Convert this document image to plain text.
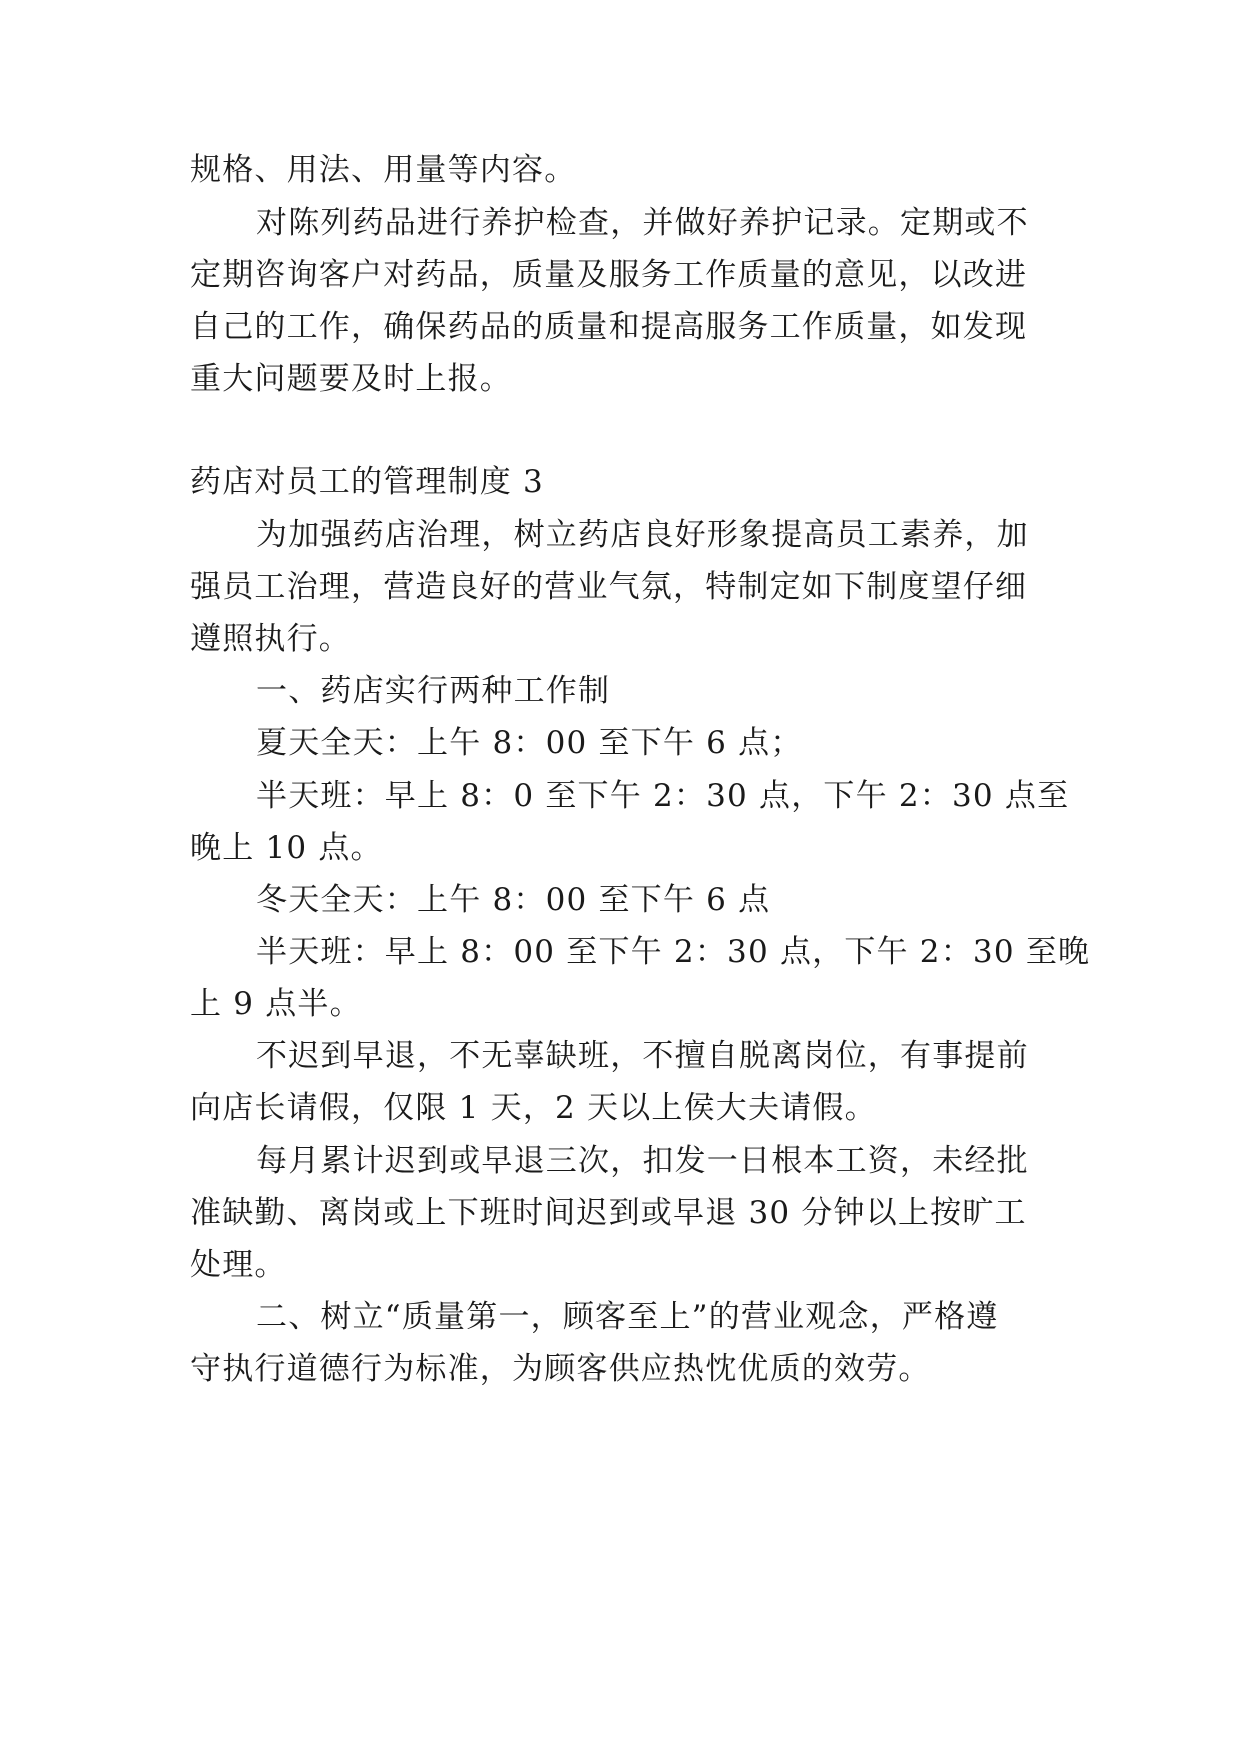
规格、用法、用量等内容。
对陈列药品进行养护检查，并做好养护记录。定期或不
定期咨询客户对药品，质量及服务工作质量的意见，以改进
自己的工作，确保药品的质量和提高服务工作质量，如发现
重大问题要及时上报。
药店对员工的管理制度 3
为加强药店治理，树立药店良好形象提高员工素养，加
强员工治理，营造良好的营业气氛，特制定如下制度望仔细
遵照执行。
一、药店实行两种工作制
夏天全天：上午 8：00 至下午 6 点；
半天班：早上 8：0 至下午 2：30 点，下午 2：30 点至
晚上 10 点。
冬天全天：上午 8：00 至下午 6 点
半天班：早上 8：00 至下午 2：30 点，下午 2：30 至晚
上 9 点半。
不迟到早退，不无辜缺班，不擅自脱离岗位，有事提前
向店长请假，仅限 1 天，2 天以上侯大夫请假。
每月累计迟到或早退三次，扣发一日根本工资，未经批
准缺勤、离岗或上下班时间迟到或早退 30 分钟以上按旷工
处理。
二、树立“质量第一，顾客至上”的营业观念，严格遵
守执行道德行为标准，为顾客供应热忱优质的效劳。
